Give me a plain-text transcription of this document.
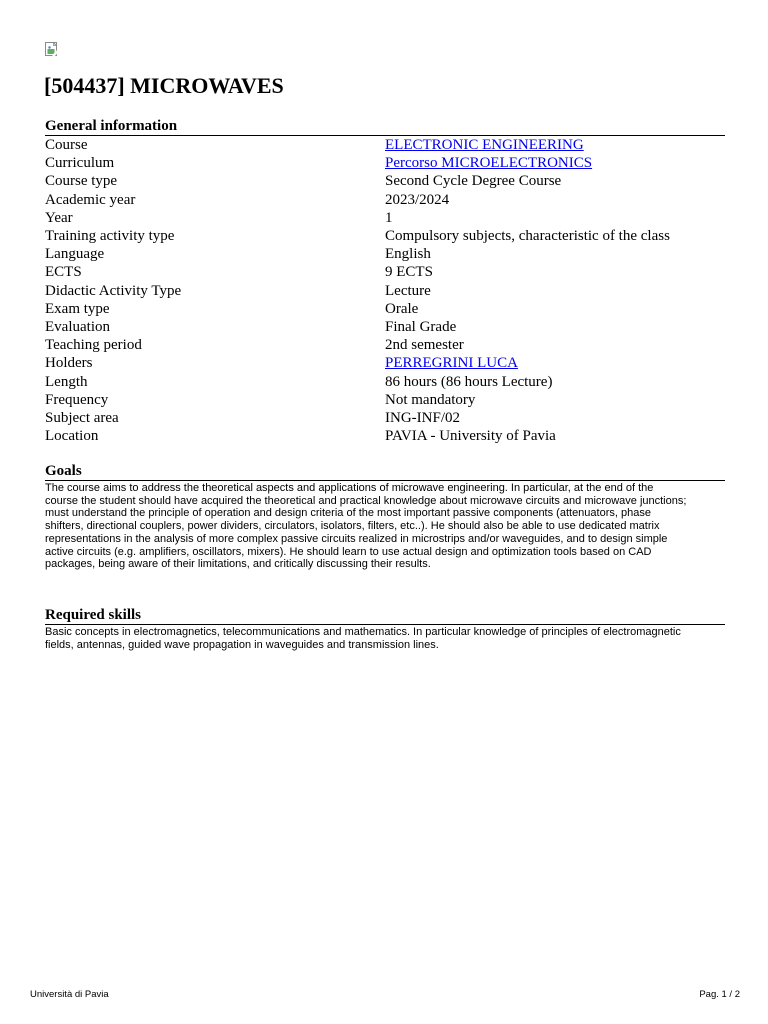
[504437] MICROWAVES
General information
Course	ELECTRONIC ENGINEERING
Curriculum	Percorso MICROELECTRONICS
Course type	Second Cycle Degree Course
Academic year	2023/2024
Year	1
Training activity type	Compulsory subjects, characteristic of the class
Language	English
ECTS	9 ECTS
Didactic Activity Type	Lecture
Exam type	Orale
Evaluation	Final Grade
Teaching period	2nd semester
Holders	PERREGRINI LUCA
Length	86 hours (86 hours Lecture)
Frequency	Not mandatory
Subject area	ING-INF/02
Location	PAVIA - University of Pavia
Goals
The course aims to address the theoretical aspects and applications of microwave engineering. In particular, at the end of the
course the student should have acquired the theoretical and practical knowledge about microwave circuits and microwave junctions;
must understand the principle of operation and design criteria of the most important passive components (attenuators, phase
shifters, directional couplers, power dividers, circulators, isolators, filters, etc..). He should also be able to use dedicated matrix
representations in the analysis of more complex passive circuits realized in microstrips and/or waveguides, and to design simple
active circuits (e.g. amplifiers, oscillators, mixers). He should learn to use actual design and optimization tools based on CAD
packages, being aware of their limitations, and critically discussing their results.
Required skills
Basic concepts in electromagnetics, telecommunications and mathematics. In particular knowledge of principles of electromagnetic
fields, antennas, guided wave propagation in waveguides and transmission lines.
Università di Pavia	Pag. 1 / 2
